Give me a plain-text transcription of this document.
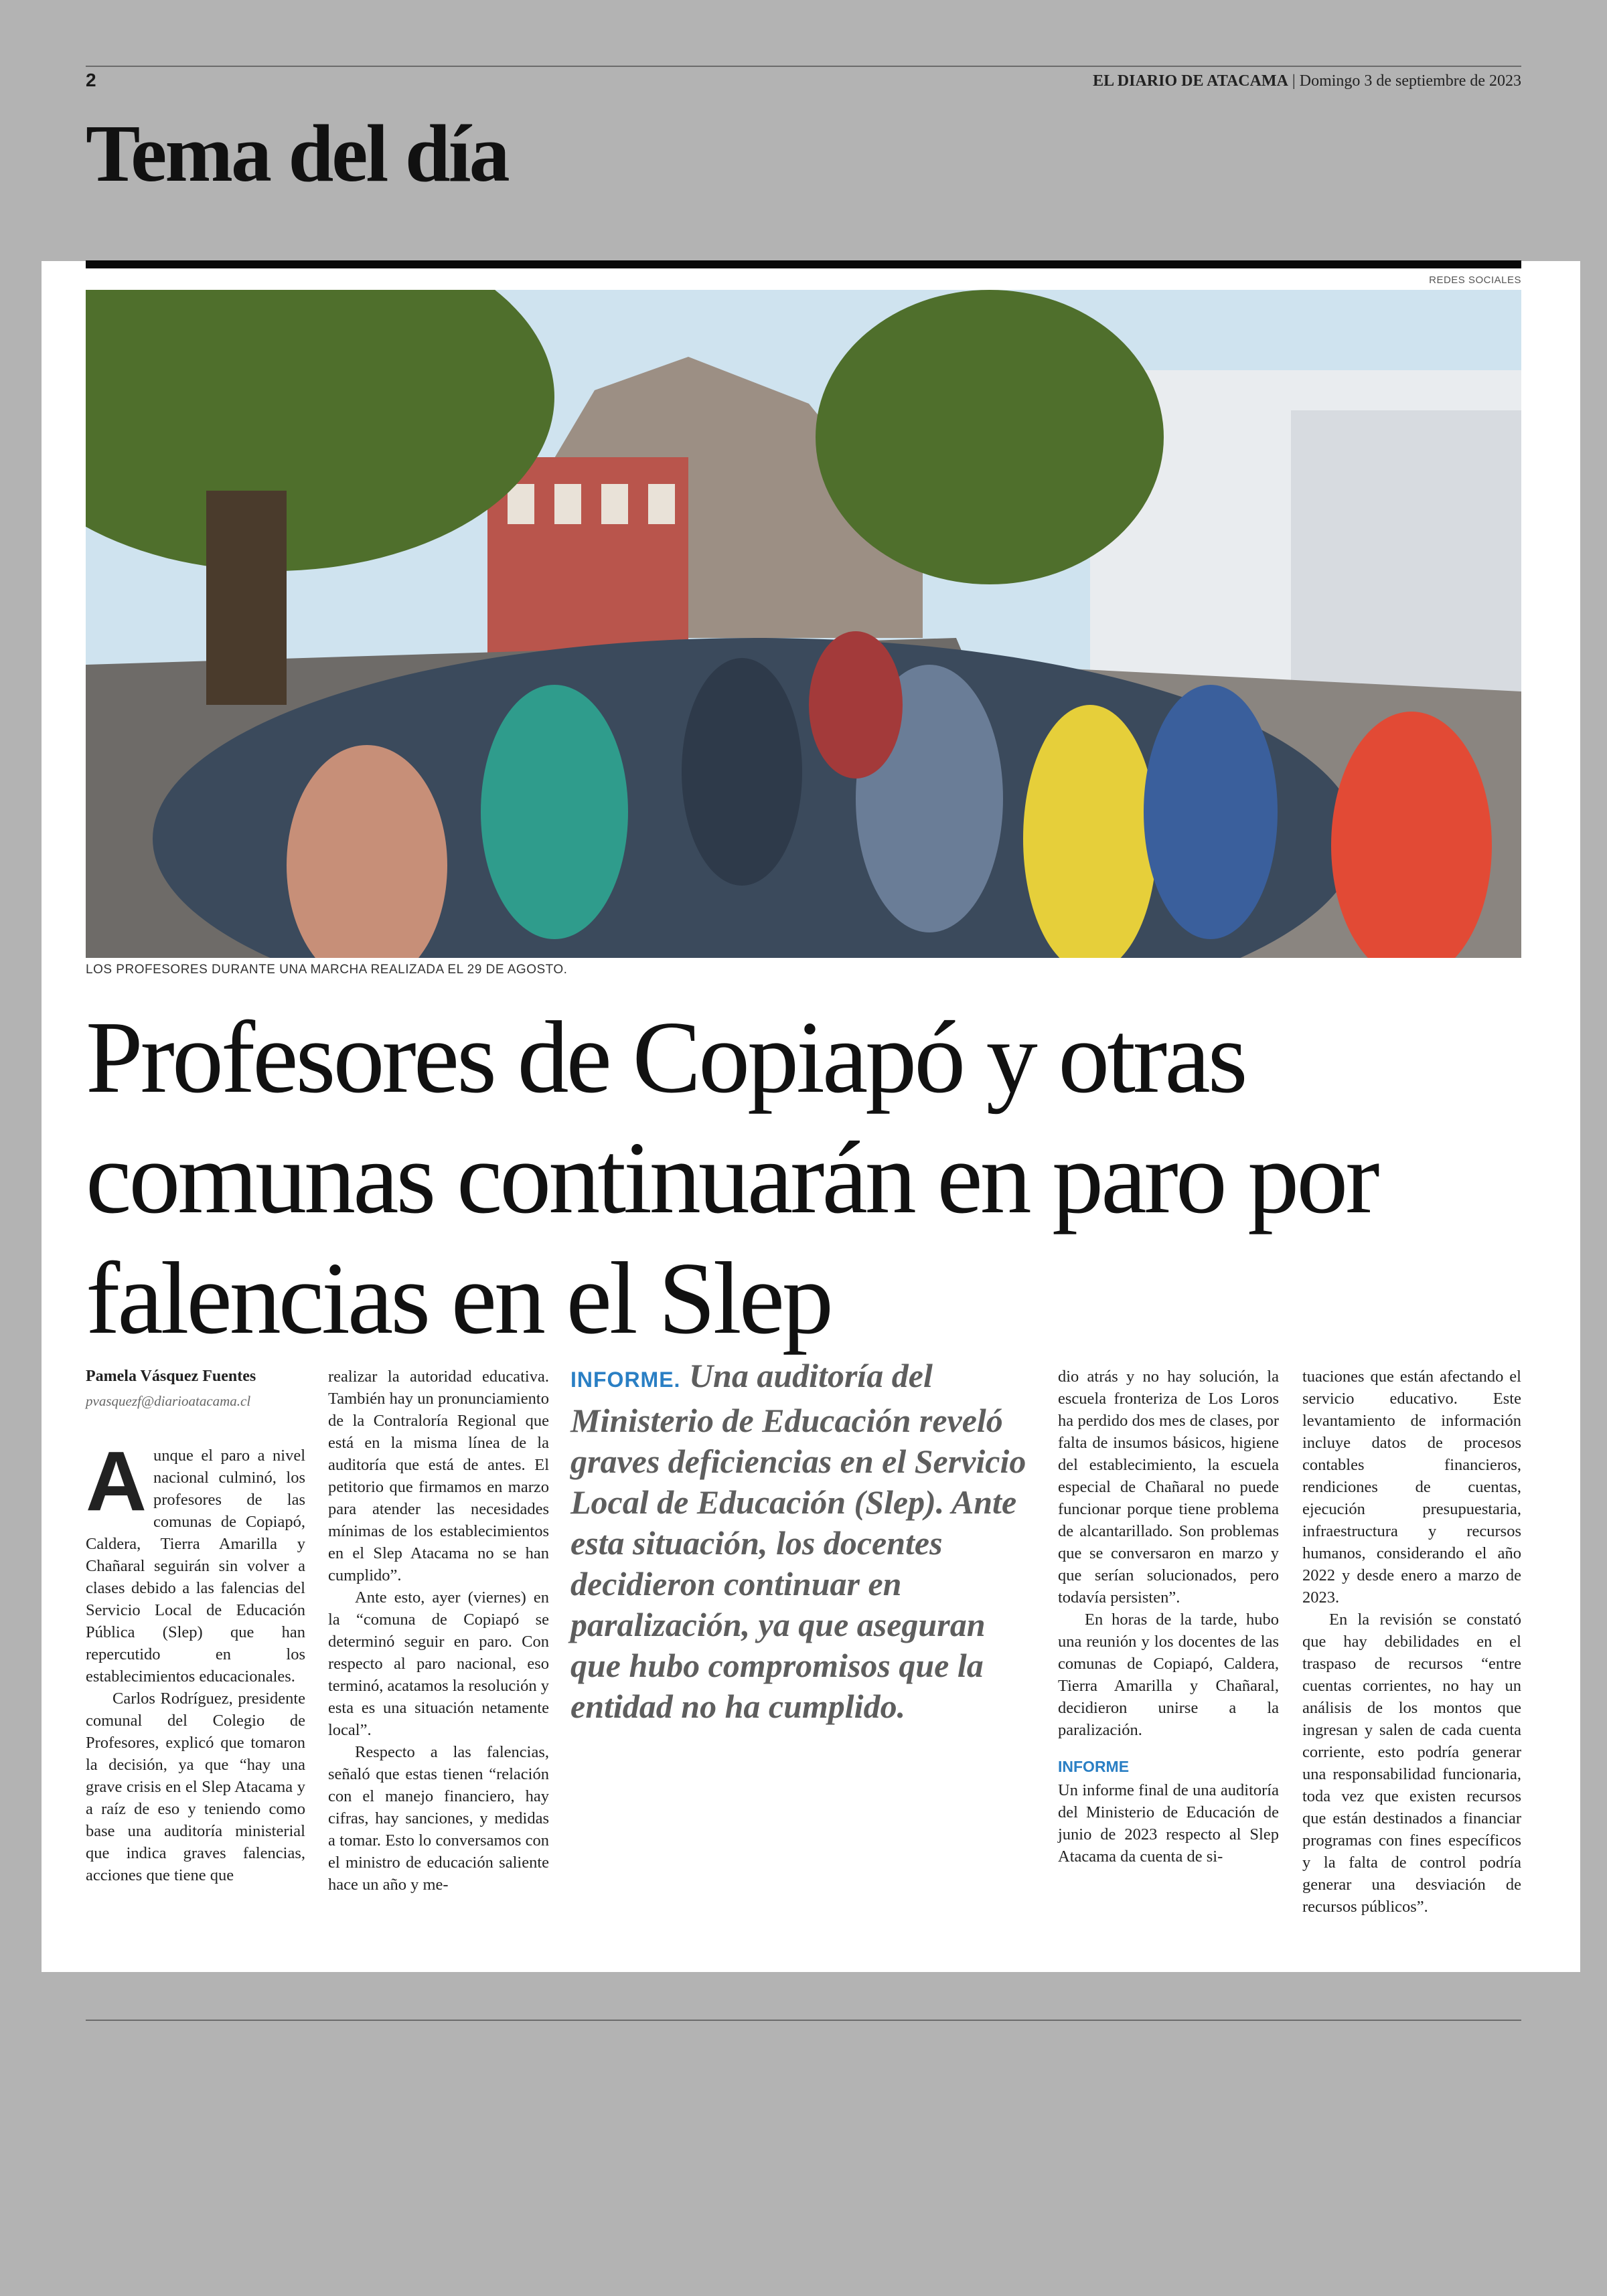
2	EL DIARIO DE ATACAMA | Domingo 3 de septiembre de 2023
Tema del día
REDES SOCIALES
LOS PROFESORES DURANTE UNA MARCHA REALIZADA EL 29 DE AGOSTO.
Profesores de Copiapó y otras comunas continuarán en paro por falencias en el Slep
Pamela Vásquez Fuentes
pvasquezf@diarioatacama.cl

Aunque el paro a nivel nacional culminó, los profesores de las comunas de Copiapó, Caldera, Tierra Amarilla y Chañaral seguirán sin volver a clases debido a las falencias del Servicio Local de Educación Pública (Slep) que han repercutido en los establecimientos educacionales.

Carlos Rodríguez, presidente comunal del Colegio de Profesores, explicó que tomaron la decisión, ya que “hay una grave crisis en el Slep Atacama y a raíz de eso y teniendo como base una auditoría ministerial que indica graves falencias, acciones que tiene que

realizar la autoridad educativa. También hay un pronunciamiento de la Contraloría Regional que está en la misma línea de la auditoría que está de antes. El petitorio que firmamos en marzo para atender las necesidades mínimas de los establecimientos en el Slep Atacama no se han cumplido”.

Ante esto, ayer (viernes) en la “comuna de Copiapó se determinó seguir en paro. Con respecto al paro nacional, eso terminó, acatamos la resolución y esta es una situación netamente local”.

Respecto a las falencias, señaló que estas tienen “relación con el manejo financiero, hay cifras, hay sanciones, y medidas a tomar. Esto lo conversamos con el ministro de educación saliente hace un año y me-

INFORME. Una auditoría del Ministerio de Educación reveló graves deficiencias en el Servicio Local de Educación (Slep). Ante esta situación, los docentes decidieron continuar en paralización, ya que aseguran que hubo compromisos que la entidad no ha cumplido.

dio atrás y no hay solución, la escuela fronteriza de Los Loros ha perdido dos mes de clases, por falta de insumos básicos, higiene del establecimiento, la escuela especial de Chañaral no puede funcionar porque tiene problema de alcantarillado. Son problemas que se conversaron en marzo y que serían solucionados, pero todavía persisten”.

En horas de la tarde, hubo una reunión y los docentes de las comunas de Copiapó, Caldera, Tierra Amarilla y Chañaral, decidieron unirse a la paralización.

INFORME

Un informe final de una auditoría del Ministerio de Educación de junio de 2023 respecto al Slep Atacama da cuenta de si-

tuaciones que están afectando el servicio educativo. Este levantamiento de información incluye datos de procesos contables financieros, rendiciones de cuentas, ejecución presupuestaria, infraestructura y recursos humanos, considerando el año 2022 y desde enero a marzo de 2023.

En la revisión se constató que hay debilidades en el traspaso de recursos “entre cuentas corrientes, no hay un análisis de los montos que ingresan y salen de cada cuenta corriente, esto podría generar una responsabilidad funcionaria, toda vez que existen recursos que están destinados a financiar programas con fines específicos y la falta de control podría generar una desviación de recursos públicos”.
